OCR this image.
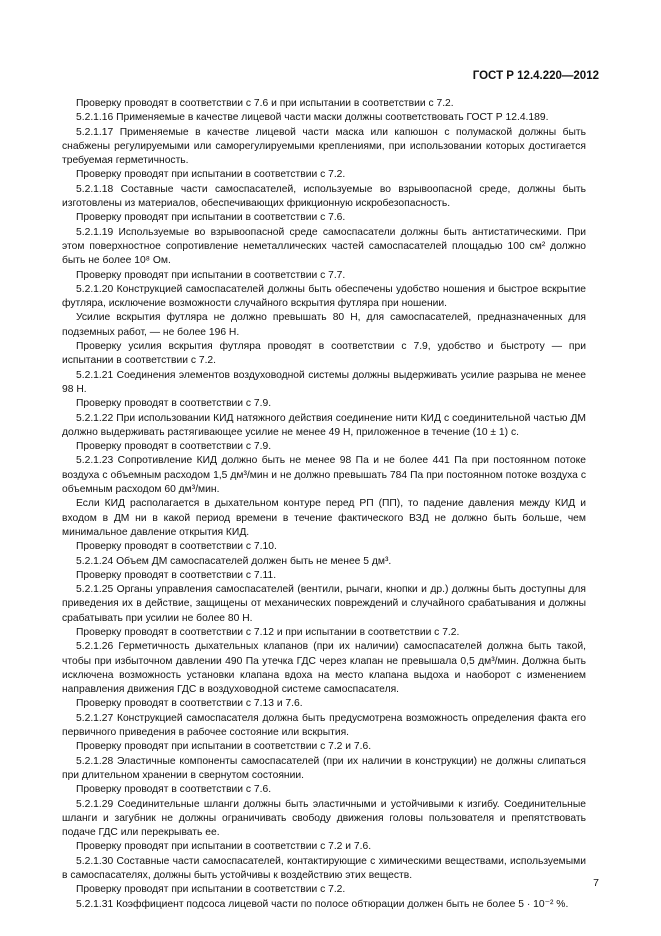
ГОСТ Р 12.4.220—2012

Проверку проводят в соответствии с 7.6 и при испытании в соответствии с 7.2.

5.2.1.16 Применяемые в качестве лицевой части маски должны соответствовать ГОСТ Р 12.4.189.

5.2.1.17 Применяемые в качестве лицевой части маска или капюшон с полумаской должны быть снабжены регулируемыми или саморегулируемыми креплениями, при использовании которых достигается требуемая герметичность.

Проверку проводят при испытании в соответствии с 7.2.

5.2.1.18 Составные части самоспасателей, используемые во взрывоопасной среде, должны быть изготовлены из материалов, обеспечивающих фрикционную искробезопасность.

Проверку проводят при испытании в соответствии с 7.6.

5.2.1.19 Используемые во взрывоопасной среде самоспасатели должны быть антистатическими. При этом поверхностное сопротивление неметаллических частей самоспасателей площадью 100 см² должно быть не более 10⁸ Ом.

Проверку проводят при испытании в соответствии с 7.7.

5.2.1.20 Конструкцией самоспасателей должны быть обеспечены удобство ношения и быстрое вскрытие футляра, исключение возможности случайного вскрытия футляра при ношении.

Усилие вскрытия футляра не должно превышать 80 Н, для самоспасателей, предназначенных для подземных работ, — не более 196 Н.

Проверку усилия вскрытия футляра проводят в соответствии с 7.9, удобство и быстроту — при испытании в соответствии с 7.2.

5.2.1.21 Соединения элементов воздуховодной системы должны выдерживать усилие разрыва не менее 98 Н.

Проверку проводят в соответствии с 7.9.

5.2.1.22 При использовании КИД натяжного действия соединение нити КИД с соединительной частью ДМ должно выдерживать растягивающее усилие не менее 49 Н, приложенное в течение (10 ± 1) с.

Проверку проводят в соответствии с 7.9.

5.2.1.23 Сопротивление КИД должно быть не менее 98 Па и не более 441 Па при постоянном потоке воздуха с объемным расходом 1,5 дм³/мин и не должно превышать 784 Па при постоянном потоке воздуха с объемным расходом 60 дм³/мин.

Если КИД располагается в дыхательном контуре перед РП (ПП), то падение давления между КИД и входом в ДМ ни в какой период времени в течение фактического ВЗД не должно быть больше, чем минимальное давление открытия КИД.

Проверку проводят в соответствии с 7.10.

5.2.1.24 Объем ДМ самоспасателей должен быть не менее 5 дм³.

Проверку проводят в соответствии с 7.11.

5.2.1.25 Органы управления самоспасателей (вентили, рычаги, кнопки и др.) должны быть доступны для приведения их в действие, защищены от механических повреждений и случайного срабатывания и должны срабатывать при усилии не более 80 Н.

Проверку проводят в соответствии с 7.12 и при испытании в соответствии с 7.2.

5.2.1.26 Герметичность дыхательных клапанов (при их наличии) самоспасателей должна быть такой, чтобы при избыточном давлении 490 Па утечка ГДС через клапан не превышала 0,5 дм³/мин. Должна быть исключена возможность установки клапана вдоха на место клапана выдоха и наоборот с изменением направления движения ГДС в воздуховодной системе самоспасателя.

Проверку проводят в соответствии с 7.13 и 7.6.

5.2.1.27 Конструкцией самоспасателя должна быть предусмотрена возможность определения факта его первичного приведения в рабочее состояние или вскрытия.

Проверку проводят при испытании в соответствии с 7.2 и 7.6.

5.2.1.28 Эластичные компоненты самоспасателей (при их наличии в конструкции) не должны слипаться при длительном хранении в свернутом состоянии.

Проверку проводят в соответствии с 7.6.

5.2.1.29 Соединительные шланги должны быть эластичными и устойчивыми к изгибу. Соединительные шланги и загубник не должны ограничивать свободу движения головы пользователя и препятствовать подаче ГДС или перекрывать ее.

Проверку проводят при испытании в соответствии с 7.2 и 7.6.

5.2.1.30 Составные части самоспасателей, контактирующие с химическими веществами, используемыми в самоспасателях, должны быть устойчивы к воздействию этих веществ.

Проверку проводят при испытании в соответствии с 7.2.

5.2.1.31 Коэффициент подсоса лицевой части по полосе обтюрации должен быть не более 5 · 10⁻² %.

7
